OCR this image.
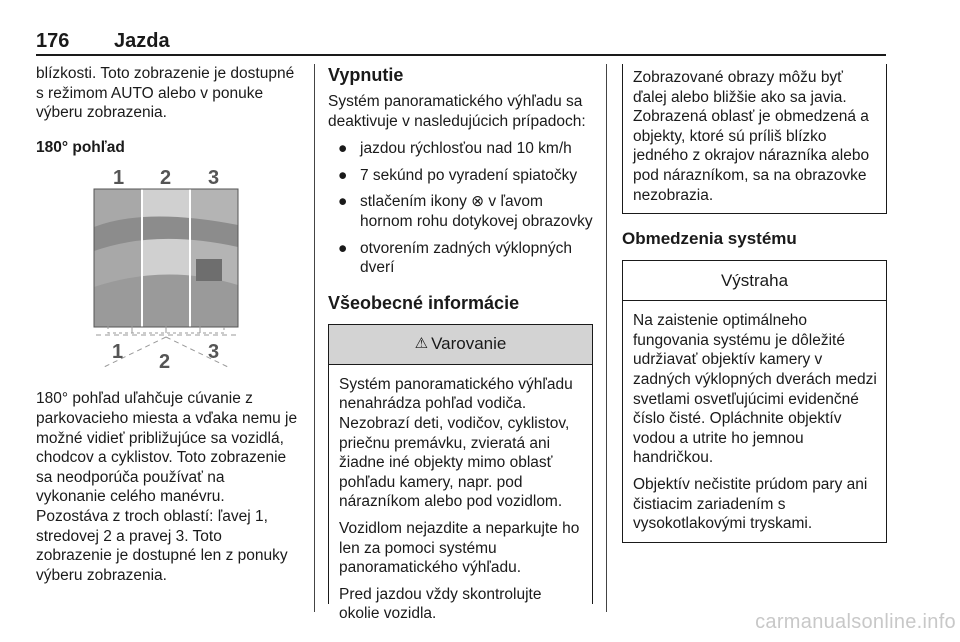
176 Jazda

blízkosti. Toto zobrazenie je dostupné s režimom AUTO alebo v ponuke výberu zobrazenia.

180° pohľad

1 2 3
1 2 3

180° pohľad uľahčuje cúvanie z parkovacieho miesta a vďaka nemu je možné vidieť približujúce sa vozidlá, chodcov a cyklistov. Toto zobrazenie sa neodporúča používať na vykonanie celého manévru.

Pozostáva z troch oblastí: ľavej 1, stredovej 2 a pravej 3. Toto zobrazenie je dostupné len z ponuky výberu zobrazenia.

Vypnutie

Systém panoramatického výhľadu sa deaktivuje v nasledujúcich prípadoch:

● jazdou rýchlosťou nad 10 km/h
● 7 sekúnd po vyradení spiatočky
● stlačením ikony ⊗ v ľavom hornom rohu dotykovej obrazovky
● otvorením zadných výklopných dverí

Všeobecné informácie

⚠ Varovanie

Systém panoramatického výhľadu nenahrádza pohľad vodiča. Nezobrazí deti, vodičov, cyklistov, priečnu premávku, zvieratá ani žiadne iné objekty mimo oblasť pohľadu kamery, napr. pod nárazníkom alebo pod vozidlom.

Vozidlom nejazdite a neparkujte ho len za pomoci systému panoramatického výhľadu.

Pred jazdou vždy skontrolujte okolie vozidla.

Zobrazované obrazy môžu byť ďalej alebo bližšie ako sa javia. Zobrazená oblasť je obmedzená a objekty, ktoré sú príliš blízko jedného z okrajov nárazníka alebo pod nárazníkom, sa na obrazovke nezobrazia.

Obmedzenia systému

Výstraha

Na zaistenie optimálneho fungovania systému je dôležité udržiavať objektív kamery v zadných výklopných dverách medzi svetlami osvetľujúcimi evidenčné číslo čisté. Opláchnite objektív vodou a utrite ho jemnou handričkou.

Objektív nečistite prúdom pary ani čistiacim zariadením s vysokotlakovými tryskami.

carmanualsonline.info
